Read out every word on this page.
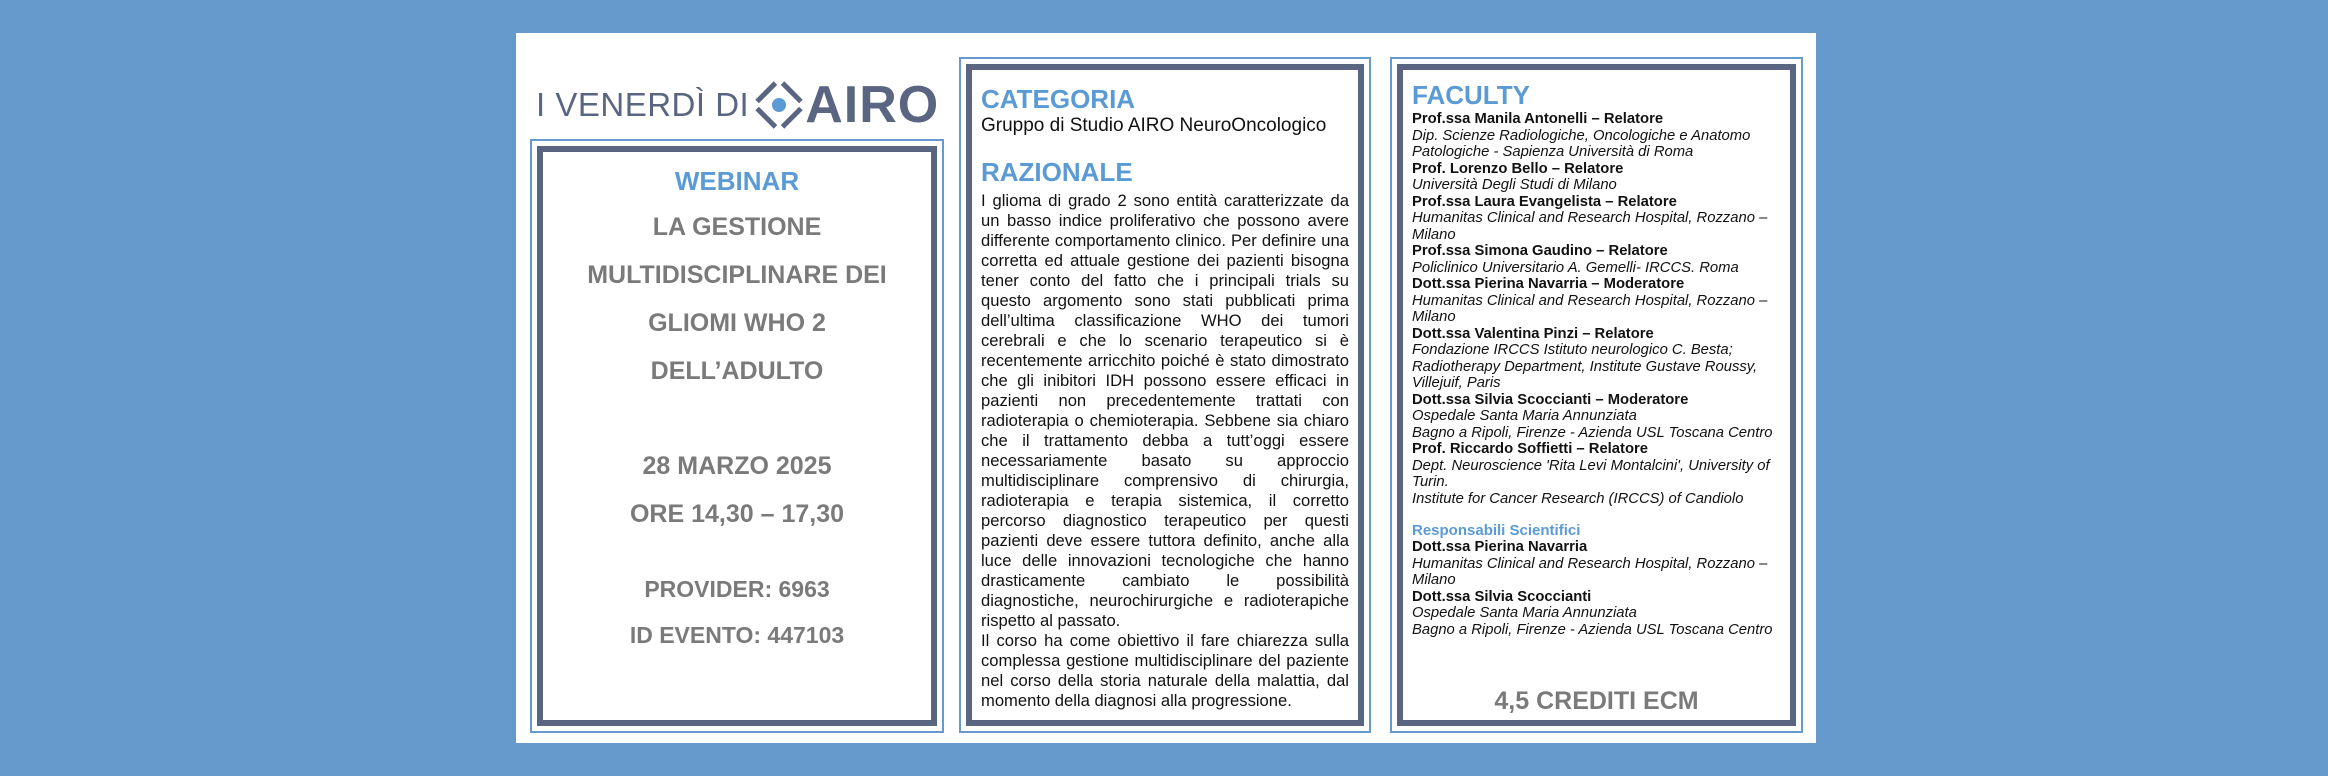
I VENERDÌ DI AIRO
WEBINAR
LA GESTIONE
MULTIDISCIPLINARE DEI
GLIOMI WHO 2
DELL’ADULTO
28 MARZO 2025
ORE 14,30 – 17,30
PROVIDER: 6963
ID EVENTO: 447103
CATEGORIA
Gruppo di Studio AIRO NeuroOncologico
RAZIONALE

I glioma di grado 2 sono entità caratterizzate da un basso indice proliferativo che possono avere differente comportamento clinico. Per definire una corretta ed attuale gestione dei pazienti bisogna tener conto del fatto che i principali trials su questo argomento sono stati pubblicati prima dell’ultima classificazione WHO dei tumori cerebrali e che lo scenario terapeutico si è recentemente arricchito poiché è stato dimostrato che gli inibitori IDH possono essere efficaci in pazienti non precedentemente trattati con radioterapia o chemioterapia. Sebbene sia chiaro che il trattamento debba a tutt’oggi essere necessariamente basato su approccio multidisciplinare comprensivo di chirurgia, radioterapia e terapia sistemica, il corretto percorso diagnostico terapeutico per questi pazienti deve essere tuttora definito, anche alla luce delle innovazioni tecnologiche che hanno drasticamente cambiato le possibilità diagnostiche, neurochirurgiche e radioterapiche rispetto al passato.

Il corso ha come obiettivo il fare chiarezza sulla complessa gestione multidisciplinare del paziente nel corso della storia naturale della malattia, dal momento della diagnosi alla progressione.

FACULTY
Prof.ssa Manila Antonelli – Relatore
Dip. Scienze Radiologiche, Oncologiche e Anatomo Patologiche - Sapienza Università di Roma
Prof. Lorenzo Bello – Relatore
Università Degli Studi di Milano
Prof.ssa Laura Evangelista – Relatore
Humanitas Clinical and Research Hospital, Rozzano – Milano
Prof.ssa Simona Gaudino – Relatore
Policlinico Universitario A. Gemelli- IRCCS. Roma
Dott.ssa Pierina Navarria – Moderatore
Humanitas Clinical and Research Hospital, Rozzano – Milano
Dott.ssa Valentina Pinzi – Relatore
Fondazione IRCCS Istituto neurologico C. Besta; Radiotherapy Department, Institute Gustave Roussy, Villejuif, Paris
Dott.ssa Silvia Scoccianti – Moderatore
Ospedale Santa Maria Annunziata
Bagno a Ripoli, Firenze - Azienda USL Toscana Centro
Prof. Riccardo Soffietti – Relatore
Dept. Neuroscience 'Rita Levi Montalcini', University of Turin.
Institute for Cancer Research (IRCCS) of Candiolo
Responsabili Scientifici
Dott.ssa Pierina Navarria
Humanitas Clinical and Research Hospital, Rozzano – Milano
Dott.ssa Silvia Scoccianti
Ospedale Santa Maria Annunziata
Bagno a Ripoli, Firenze - Azienda USL Toscana Centro
4,5 CREDITI ECM
